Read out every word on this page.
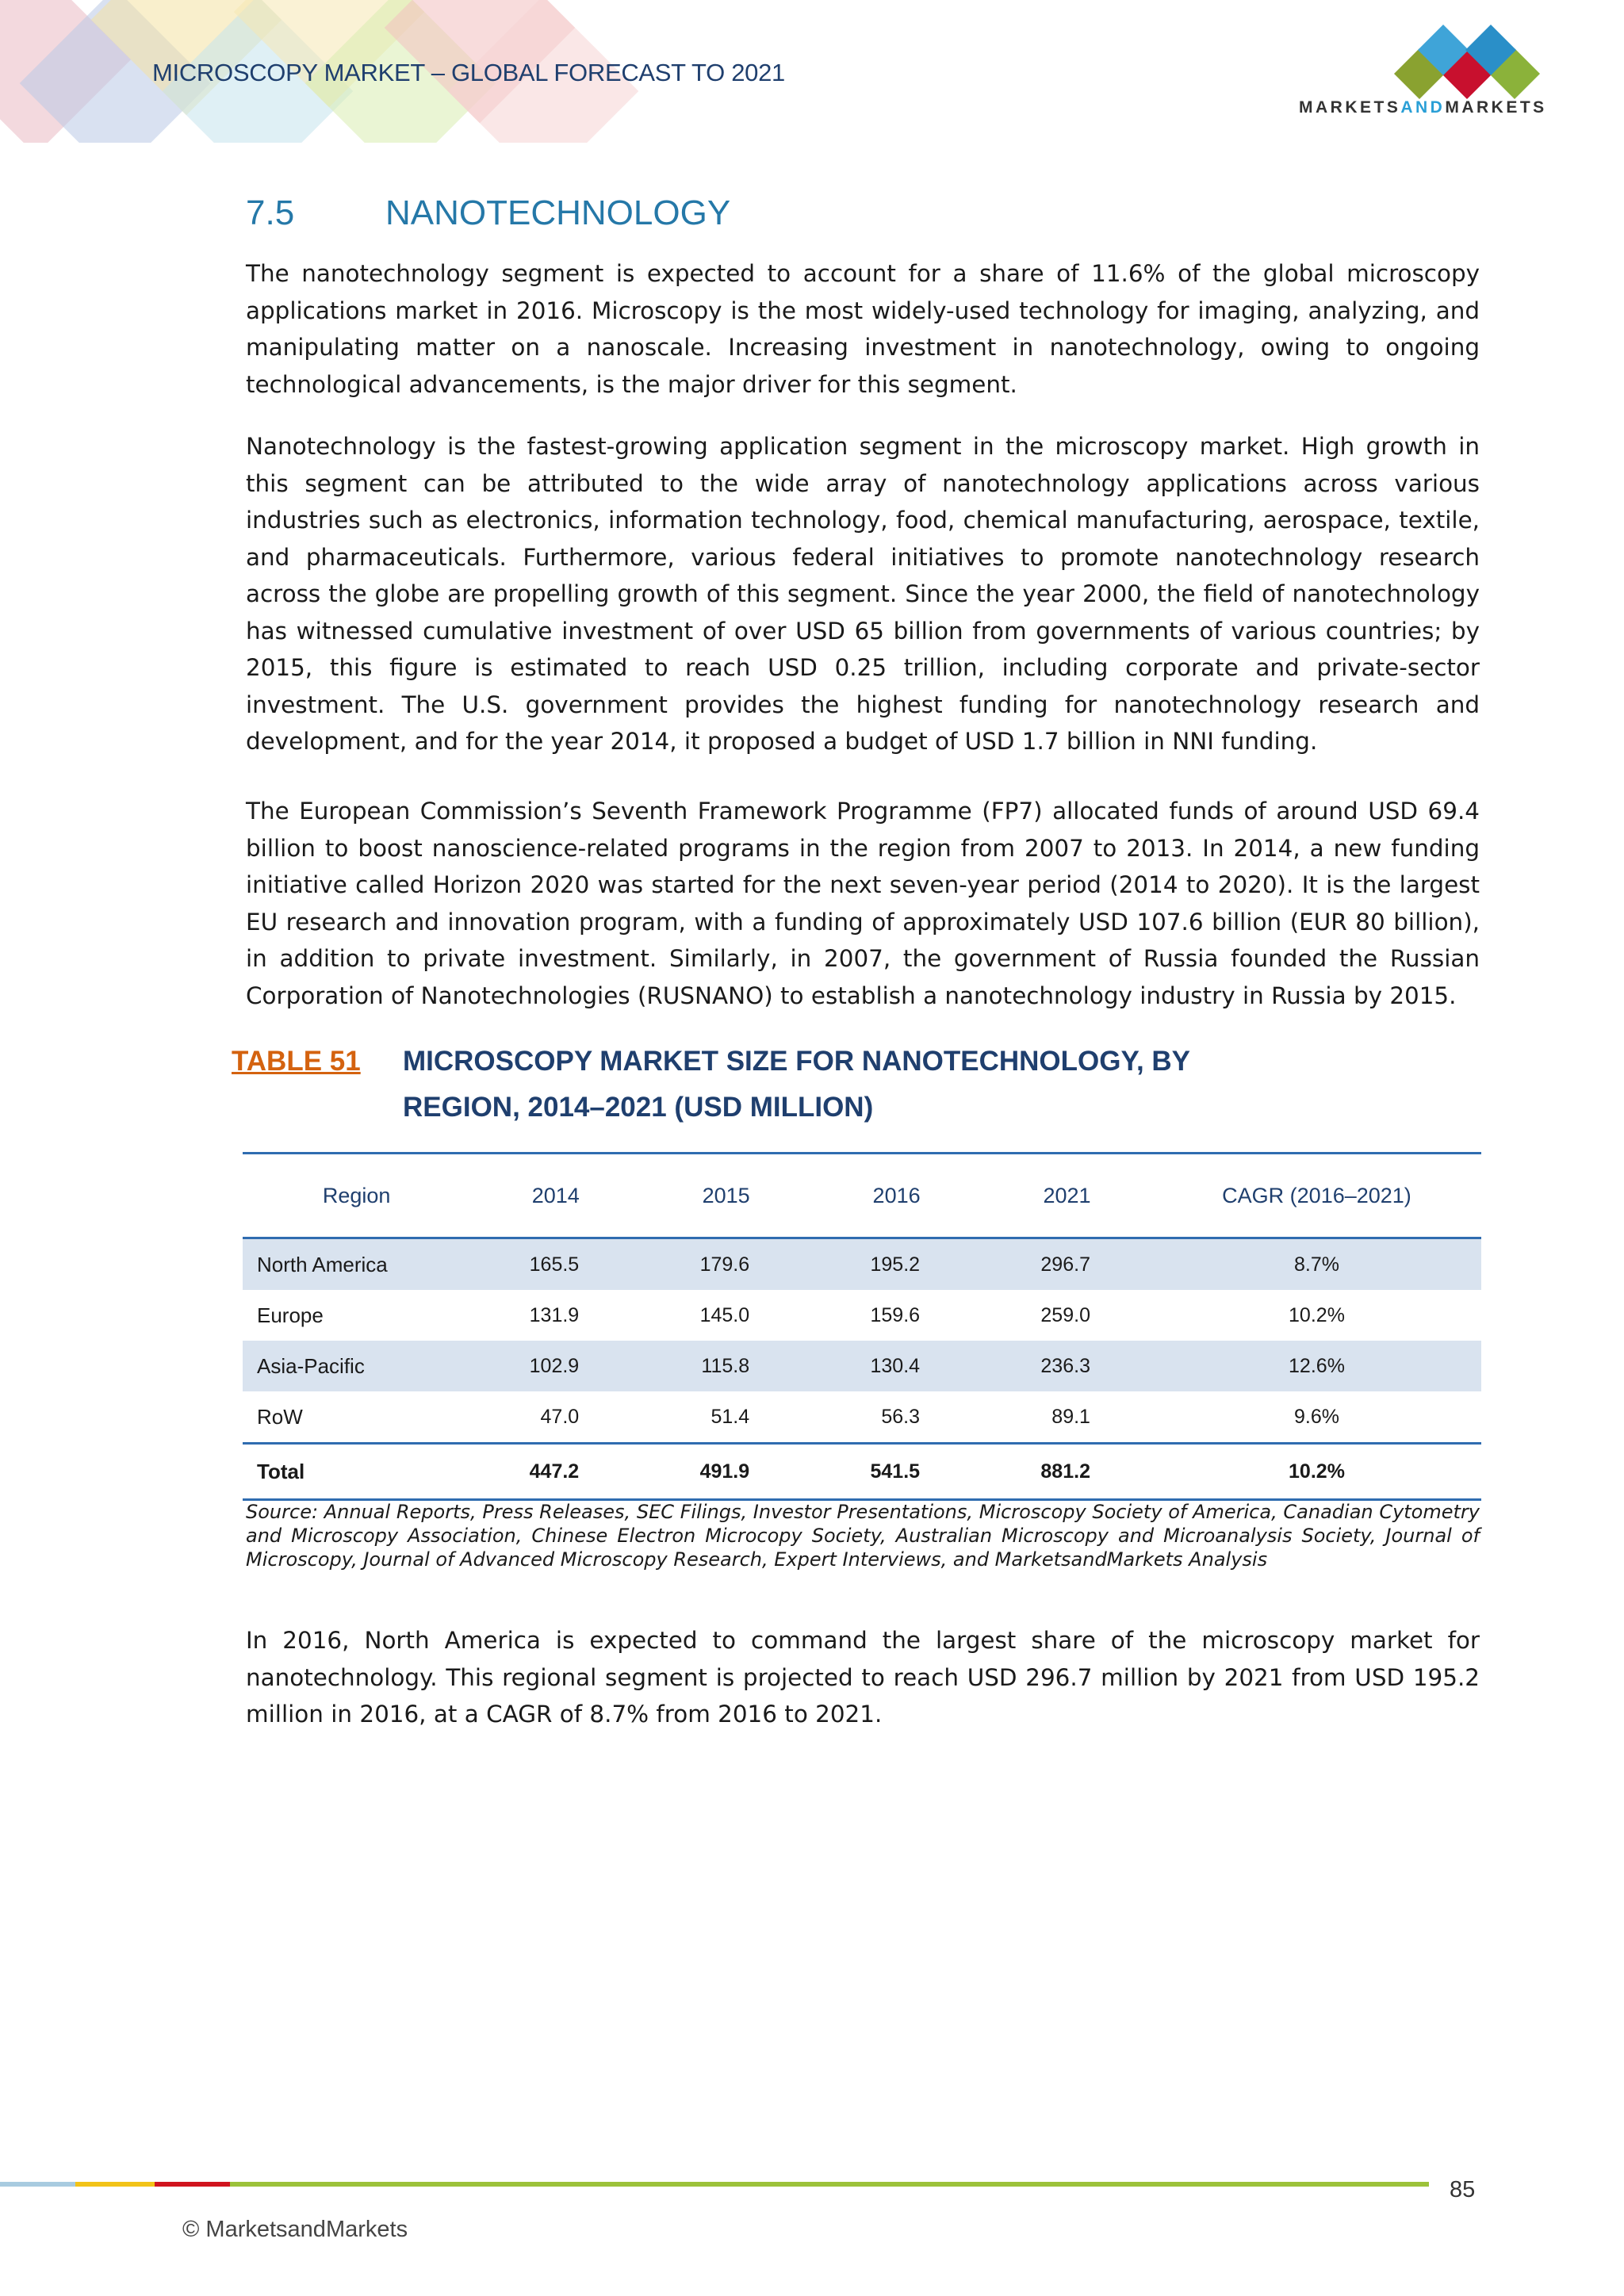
MICROSCOPY MARKET – GLOBAL FORECAST TO 2021
MARKETSANDMARKETS
7.5	NANOTECHNOLOGY

The nanotechnology segment is expected to account for a share of 11.6% of the global microscopy applications market in 2016. Microscopy is the most widely-used technology for imaging, analyzing, and manipulating matter on a nanoscale. Increasing investment in nanotechnology, owing to ongoing technological advancements, is the major driver for this segment.

Nanotechnology is the fastest-growing application segment in the microscopy market. High growth in this segment can be attributed to the wide array of nanotechnology applications across various industries such as electronics, information technology, food, chemical manufacturing, aerospace, textile, and pharmaceuticals. Furthermore, various federal initiatives to promote nanotechnology research across the globe are propelling growth of this segment. Since the year 2000, the field of nanotechnology has witnessed cumulative investment of over USD 65 billion from governments of various countries; by 2015, this figure is estimated to reach USD 0.25 trillion, including corporate and private-sector investment. The U.S. government provides the highest funding for nanotechnology research and development, and for the year 2014, it proposed a budget of USD 1.7 billion in NNI funding.

The European Commission’s Seventh Framework Programme (FP7) allocated funds of around USD 69.4 billion to boost nanoscience-related programs in the region from 2007 to 2013. In 2014, a new funding initiative called Horizon 2020 was started for the next seven-year period (2014 to 2020). It is the largest EU research and innovation program, with a funding of approximately USD 107.6 billion (EUR 80 billion), in addition to private investment. Similarly, in 2007, the government of Russia founded the Russian Corporation of Nanotechnologies (RUSNANO) to establish a nanotechnology industry in Russia by 2015.

TABLE 51 MICROSCOPY MARKET SIZE FOR NANOTECHNOLOGY, BY REGION, 2014–2021 (USD MILLION)
Region	2014	2015	2016	2021	CAGR (2016–2021)
North America	165.5	179.6	195.2	296.7	8.7%
Europe	131.9	145.0	159.6	259.0	10.2%
Asia-Pacific	102.9	115.8	130.4	236.3	12.6%
RoW	47.0	51.4	56.3	89.1	9.6%
Total	447.2	491.9	541.5	881.2	10.2%

Source: Annual Reports, Press Releases, SEC Filings, Investor Presentations, Microscopy Society of America, Canadian Cytometry and Microscopy Association, Chinese Electron Microcopy Society, Australian Microscopy and Microanalysis Society, Journal of Microscopy, Journal of Advanced Microscopy Research, Expert Interviews, and MarketsandMarkets Analysis

In 2016, North America is expected to command the largest share of the microscopy market for nanotechnology. This regional segment is projected to reach USD 296.7 million by 2021 from USD 195.2 million in 2016, at a CAGR of 8.7% from 2016 to 2021.

85
© MarketsandMarkets
